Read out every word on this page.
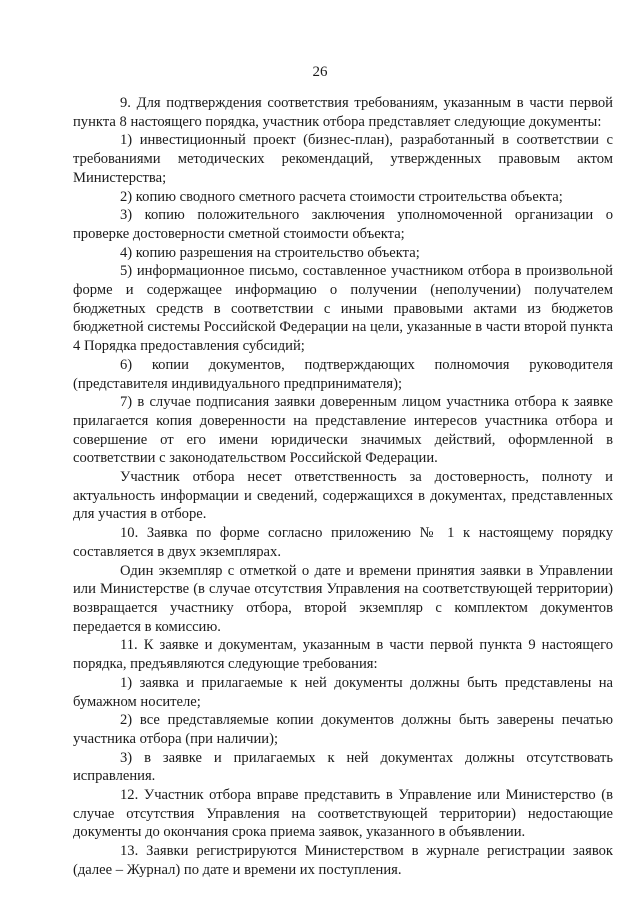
26

9. Для подтверждения соответствия требованиям, указанным в части первой пункта 8 настоящего порядка, участник отбора представляет следующие документы:

1) инвестиционный проект (бизнес-план), разработанный в соответствии с требованиями методических рекомендаций, утвержденных правовым актом Министерства;

2) копию сводного сметного расчета стоимости строительства объекта;

3) копию положительного заключения уполномоченной организации о проверке достоверности сметной стоимости объекта;

4) копию разрешения на строительство объекта;

5) информационное письмо, составленное участником отбора в произвольной форме и содержащее информацию о получении (неполучении) получателем бюджетных средств в соответствии с иными правовыми актами из бюджетов бюджетной системы Российской Федерации на цели, указанные в части второй пункта 4 Порядка предоставления субсидий;

6) копии документов, подтверждающих полномочия руководителя (представителя индивидуального предпринимателя);

7) в случае подписания заявки доверенным лицом участника отбора к заявке прилагается копия доверенности на представление интересов участника отбора и совершение от его имени юридически значимых действий, оформленной в соответствии с законодательством Российской Федерации.

Участник отбора несет ответственность за достоверность, полноту и актуальность информации и сведений, содержащихся в документах, представленных для участия в отборе.

10. Заявка по форме согласно приложению № 1 к настоящему порядку составляется в двух экземплярах.

Один экземпляр с отметкой о дате и времени принятия заявки в Управлении или Министерстве (в случае отсутствия Управления на соответствующей территории) возвращается участнику отбора, второй экземпляр с комплектом документов передается в комиссию.

11. К заявке и документам, указанным в части первой пункта 9 настоящего порядка, предъявляются следующие требования:

1) заявка и прилагаемые к ней документы должны быть представлены на бумажном носителе;

2) все представляемые копии документов должны быть заверены печатью участника отбора (при наличии);

3) в заявке и прилагаемых к ней документах должны отсутствовать исправления.

12. Участник отбора вправе представить в Управление или Министерство (в случае отсутствия Управления на соответствующей территории) недостающие документы до окончания срока приема заявок, указанного в объявлении.

13. Заявки регистрируются Министерством в журнале регистрации заявок (далее – Журнал) по дате и времени их поступления.
